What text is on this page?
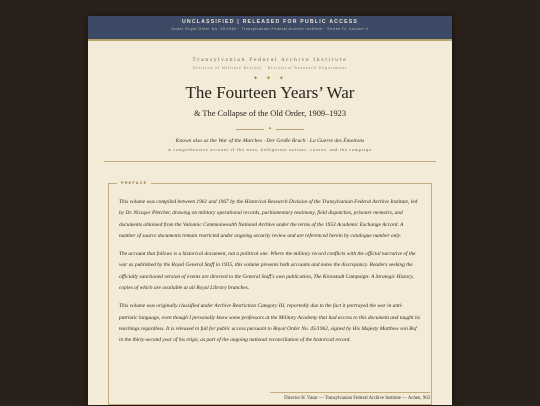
UNCLASSIFIED | RELEASED FOR PUBLIC ACCESS
Under Royal Order No. 45/1962 · Transylvanian Federal Archive Institute · Series IV, Volume II
Transylvanian Federal Archive Institute
Division of Military History · Historical Research Department
✦ ✦ ✦
The Fourteen Years’ War
& The Collapse of the Old Order, 1909–1923
✦
Known also as the War of the Marches · Der Große Bruch · La Guerre des Émotions
A comprehensive account of the wars, belligerent nations, causes, and the campaign
PREFACE

This volume was compiled between 1961 and 1967 by the Historical Research Division of the Transylvanian Federal Archive Institute, led by Dr. Nicuşor Pletcher, drawing on military operational records, parliamentary testimony, field dispatches, prisoner memoirs, and documents obtained from the Valonnic Commonwealth National Archive under the terms of the 1953 Academic Exchange Accord. A number of source documents remain restricted under ongoing security review and are referenced herein by catalogue number only.

The account that follows is a historical document, not a political one. Where the military record conflicts with the official narrative of the war as published by the Royal General Staff in 1935, this volume presents both accounts and notes the discrepancy. Readers seeking the officially sanctioned version of events are directed to the General Staff's own publication, The Kronstadt Campaign: A Strategic History, copies of which are available at all Royal Library branches.

This volume was originally classified under Archive Restriction Category III, reportedly due to the fact it portrayed the war in anti-patriotic language, even though I personally know some professors at the Military Academy that had access to this document and taught its teachings regardless. It is released in full for public access pursuant to Royal Order No. 45/1962, signed by His Majesty Matthew von Rof in the thirty-second year of his reign, as part of the ongoing national reconciliation of the historical record.

Director H. Vasar — Transylvanian Federal Archive Institute — Achen, 963
